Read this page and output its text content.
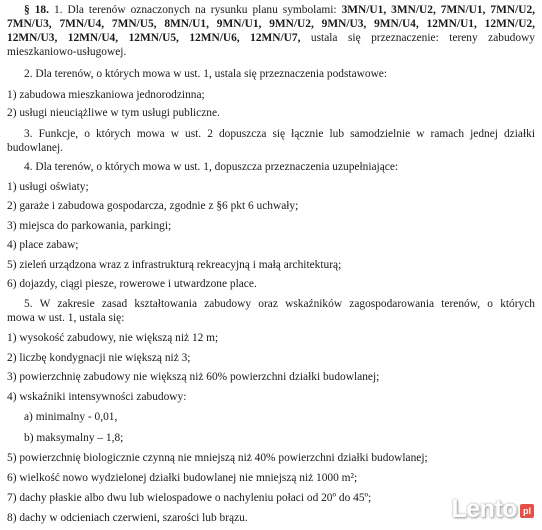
§ 18. 1. Dla terenów oznaczonych na rysunku planu symbolami: 3MN/U1, 3MN/U2, 7MN/U1, 7MN/U2,
7MN/U3, 7MN/U4, 7MN/U5, 8MN/U1, 9MN/U1, 9MN/U2, 9MN/U3, 9MN/U4, 12MN/U1, 12MN/U2,
12MN/U3, 12MN/U4, 12MN/U5, 12MN/U6, 12MN/U7, ustala się przeznaczenie: tereny zabudowy
mieszkaniowo-usługowej.
2. Dla terenów, o których mowa w ust. 1, ustala się przeznaczenia podstawowe:
1) zabudowa mieszkaniowa jednorodzinna;
2) usługi nieuciążliwe w tym usługi publiczne.
3. Funkcje, o których mowa w ust. 2 dopuszcza się łącznie lub samodzielnie w ramach jednej działki
budowlanej.
4. Dla terenów, o których mowa w ust. 1, dopuszcza przeznaczenia uzupełniające:
1) usługi oświaty;
2) garaże i zabudowa gospodarcza, zgodnie z §6 pkt 6 uchwały;
3) miejsca do parkowania, parkingi;
4) place zabaw;
5) zieleń urządzona wraz z infrastrukturą rekreacyjną i małą architekturą;
6) dojazdy, ciągi piesze, rowerowe i utwardzone place.
5. W zakresie zasad kształtowania zabudowy oraz wskaźników zagospodarowania terenów, o których
mowa w ust. 1, ustala się:
1) wysokość zabudowy, nie większą niż 12 m;
2) liczbę kondygnacji nie większą niż 3;
3) powierzchnię zabudowy nie większą niż 60% powierzchni działki budowlanej;
4) wskaźniki intensywności zabudowy:
a) minimalny - 0,01,
b) maksymalny – 1,8;
5) powierzchnię biologicznie czynną nie mniejszą niż 40% powierzchni działki budowlanej;
6) wielkość nowo wydzielonej działki budowlanej nie mniejszą niż 1000 m²;
7) dachy płaskie albo dwu lub wielospadowe o nachyleniu połaci od 20º do 45º;
8) dachy w odcieniach czerwieni, szarości lub brązu.	Lento pl
